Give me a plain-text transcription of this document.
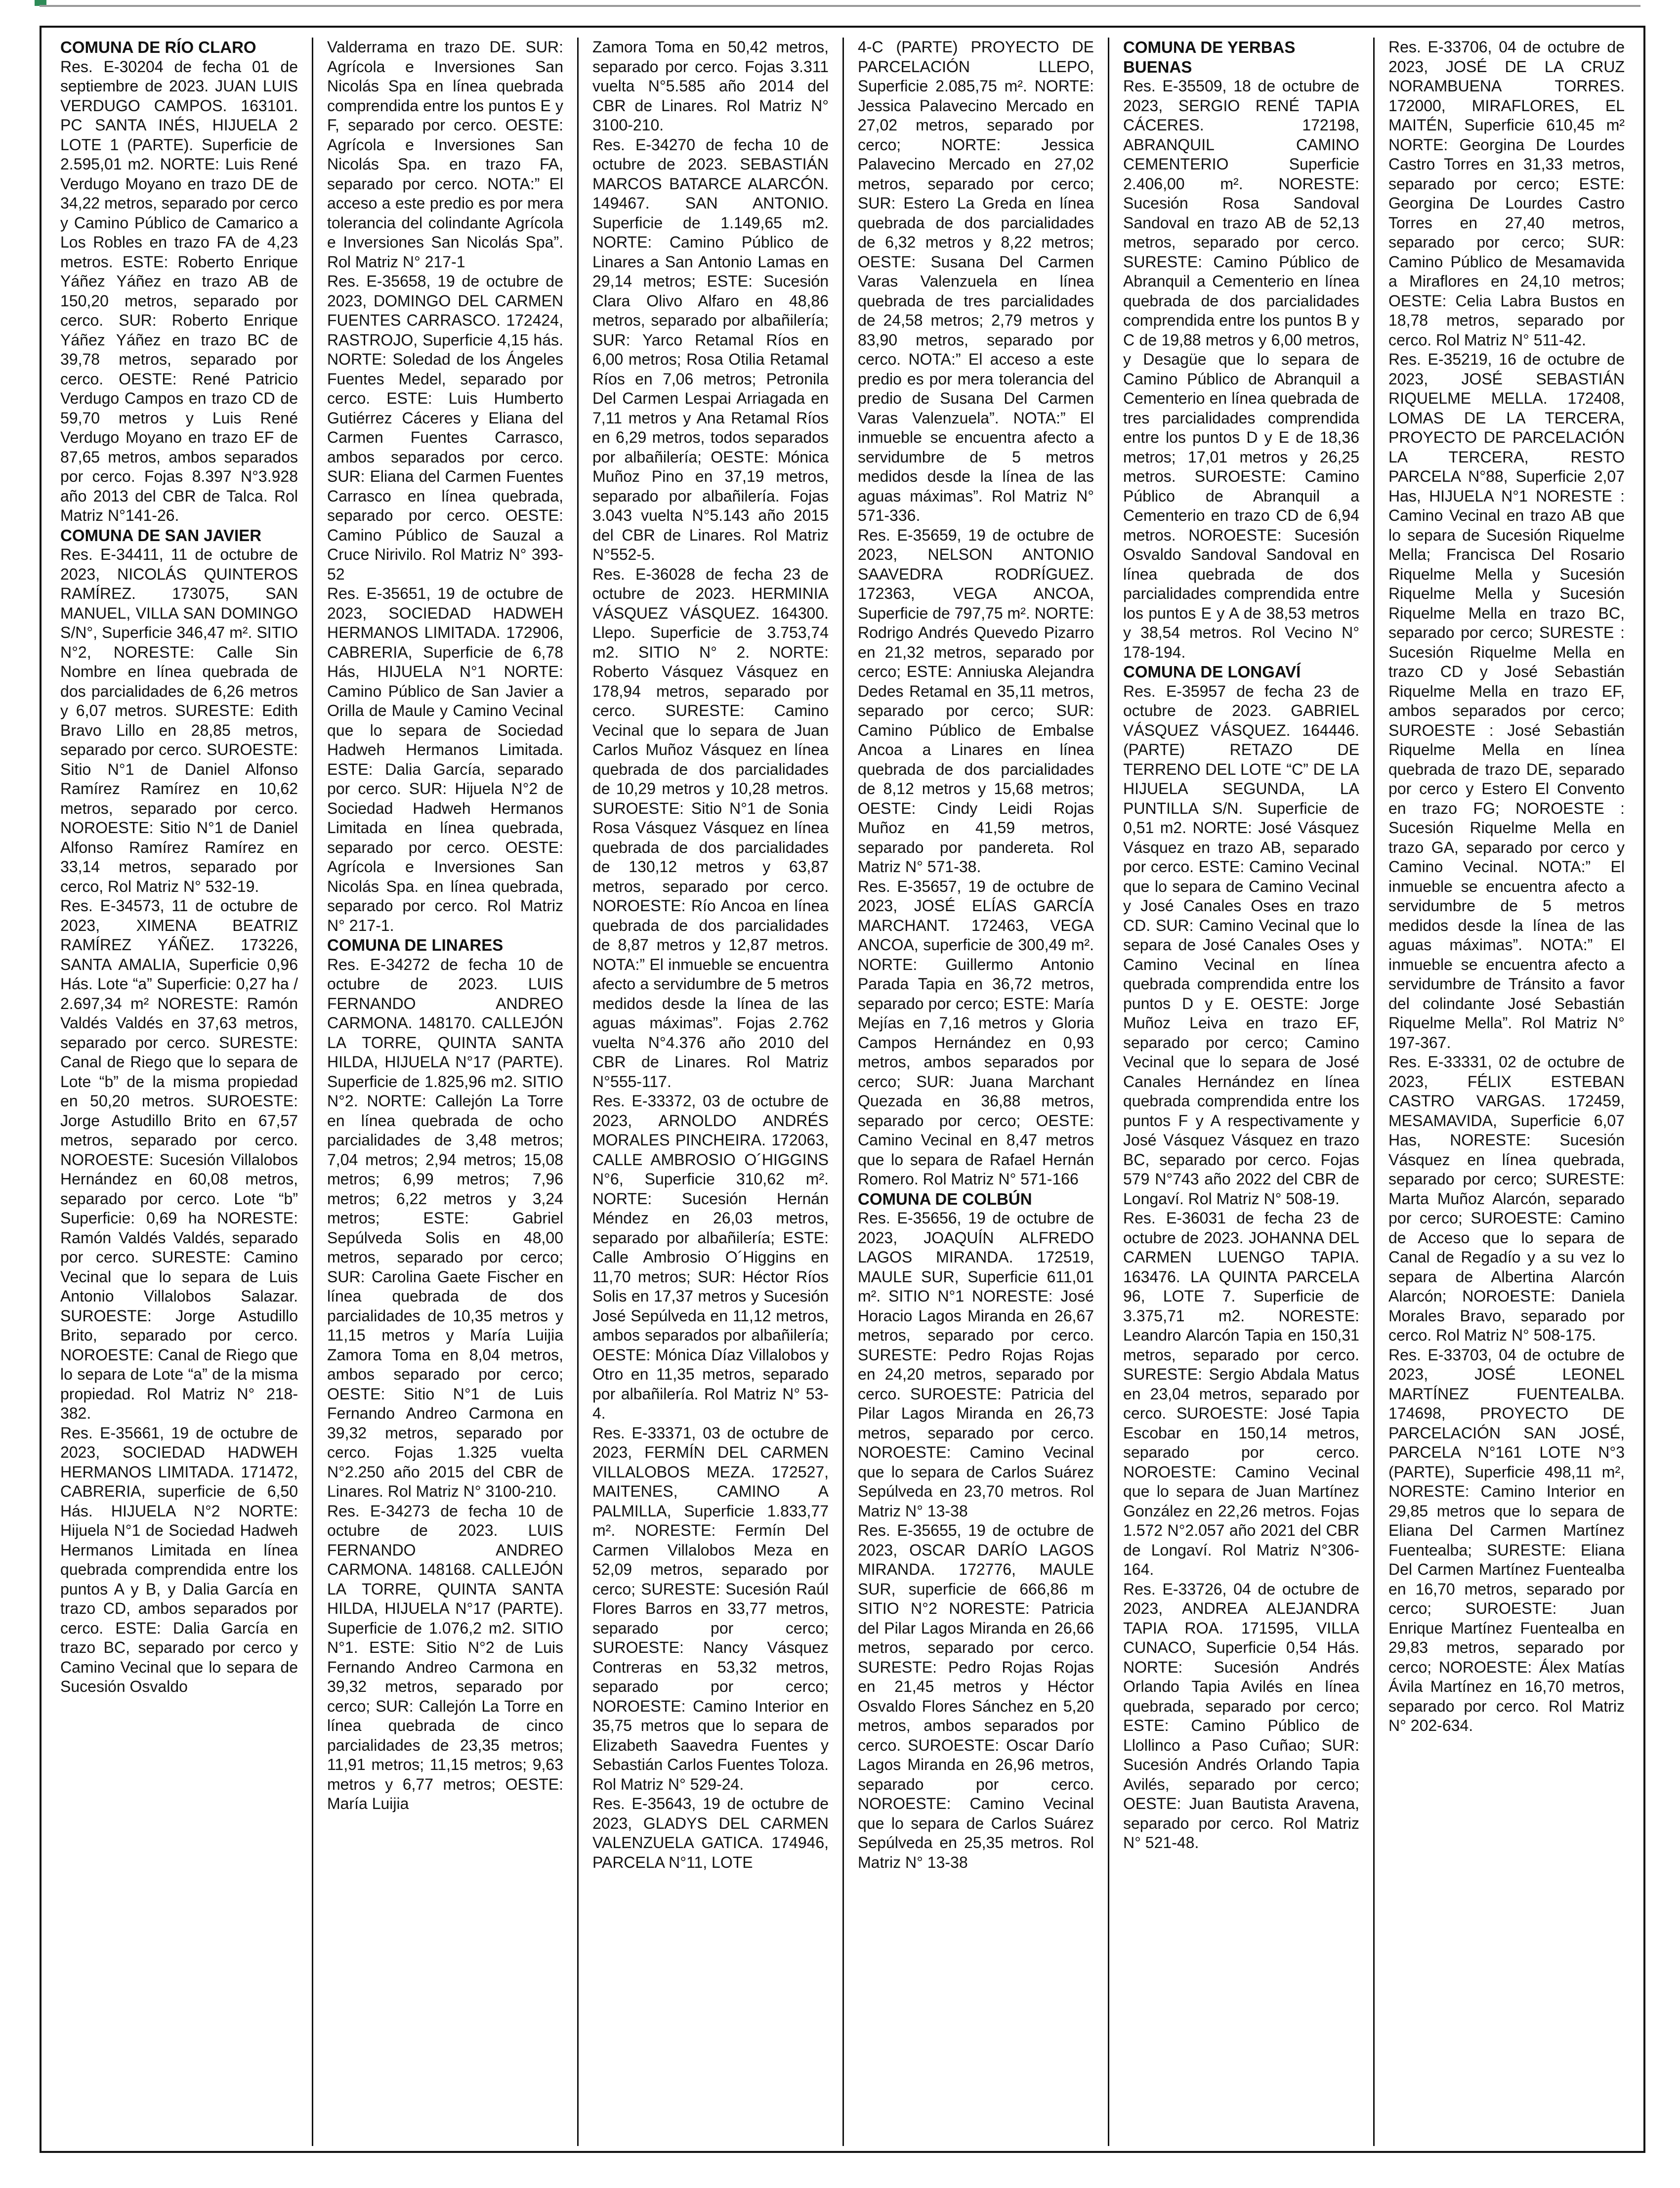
COMUNA DE RÍO CLARO

Res. E-30204 de fecha 01 de septiembre de 2023. JUAN LUIS VERDUGO CAMPOS. 163101. PC SANTA INÉS, HIJUELA 2 LOTE 1 (PARTE). Superficie de 2.595,01 m2. NORTE: Luis René Verdugo Moyano en trazo DE de 34,22 metros, separado por cerco y Camino Público de Camarico a Los Robles en trazo FA de 4,23 metros. ESTE: Roberto Enrique Yáñez Yáñez en trazo AB de 150,20 metros, separado por cerco. SUR: Roberto Enrique Yáñez Yáñez en trazo BC de 39,78 metros, separado por cerco. OESTE: René Patricio Verdugo Campos en trazo CD de 59,70 metros y Luis René Verdugo Moyano en trazo EF de 87,65 metros, ambos separados por cerco. Fojas 8.397 N°3.928 año 2013 del CBR de Talca. Rol Matriz N°141-26.

COMUNA DE SAN JAVIER

Res. E-34411, 11 de octubre de 2023, NICOLÁS QUINTEROS RAMÍREZ. 173075, SAN MANUEL, VILLA SAN DOMINGO S/N°, Superficie 346,47 m². SITIO N°2, NORESTE: Calle Sin Nombre en línea quebrada de dos parcialidades de 6,26 metros y 6,07 metros. SURESTE: Edith Bravo Lillo en 28,85 metros, separado por cerco. SUROESTE: Sitio N°1 de Daniel Alfonso Ramírez Ramírez en 10,62 metros, separado por cerco. NOROESTE: Sitio N°1 de Daniel Alfonso Ramírez Ramírez en 33,14 metros, separado por cerco, Rol Matriz N° 532-19.

Res. E-34573, 11 de octubre de 2023, XIMENA BEATRIZ RAMÍREZ YÁÑEZ. 173226, SANTA AMALIA, Superficie 0,96 Hás. Lote “a” Superficie: 0,27 ha / 2.697,34 m² NORESTE: Ramón Valdés Valdés en 37,63 metros, separado por cerco. SURESTE: Canal de Riego que lo separa de Lote “b” de la misma propiedad en 50,20 metros. SUROESTE: Jorge Astudillo Brito en 67,57 metros, separado por cerco. NOROESTE: Sucesión Villalobos Hernández en 60,08 metros, separado por cerco. Lote “b” Superficie: 0,69 ha NORESTE: Ramón Valdés Valdés, separado por cerco. SURESTE: Camino Vecinal que lo separa de Luis Antonio Villalobos Salazar. SUROESTE: Jorge Astudillo Brito, separado por cerco. NOROESTE: Canal de Riego que lo separa de Lote “a” de la misma propiedad. Rol Matriz N° 218-382.

Res. E-35661, 19 de octubre de 2023, SOCIEDAD HADWEH HERMANOS LIMITADA. 171472, CABRERIA, superficie de 6,50 Hás. HIJUELA N°2 NORTE: Hijuela N°1 de Sociedad Hadweh Hermanos Limitada en línea quebrada comprendida entre los puntos A y B, y Dalia García en trazo CD, ambos separados por cerco. ESTE: Dalia García en trazo BC, separado por cerco y Camino Vecinal que lo separa de Sucesión Osvaldo

Valderrama en trazo DE. SUR: Agrícola e Inversiones San Nicolás Spa en línea quebrada comprendida entre los puntos E y F, separado por cerco. OESTE: Agrícola e Inversiones San Nicolás Spa. en trazo FA, separado por cerco. NOTA:” El acceso a este predio es por mera tolerancia del colindante Agrícola e Inversiones San Nicolás Spa”. Rol Matriz N° 217-1

Res. E-35658, 19 de octubre de 2023, DOMINGO DEL CARMEN FUENTES CARRASCO. 172424, RASTROJO, Superficie 4,15 hás. NORTE: Soledad de los Ángeles Fuentes Medel, separado por cerco. ESTE: Luis Humberto Gutiérrez Cáceres y Eliana del Carmen Fuentes Carrasco, ambos separados por cerco. SUR: Eliana del Carmen Fuentes Carrasco en línea quebrada, separado por cerco. OESTE: Camino Público de Sauzal a Cruce Nirivilo. Rol Matriz N° 393-52

Res. E-35651, 19 de octubre de 2023, SOCIEDAD HADWEH HERMANOS LIMITADA. 172906, CABRERIA, Superficie de 6,78 Hás, HIJUELA N°1 NORTE: Camino Público de San Javier a Orilla de Maule y Camino Vecinal que lo separa de Sociedad Hadweh Hermanos Limitada. ESTE: Dalia García, separado por cerco. SUR: Hijuela N°2 de Sociedad Hadweh Hermanos Limitada en línea quebrada, separado por cerco. OESTE: Agrícola e Inversiones San Nicolás Spa. en línea quebrada, separado por cerco. Rol Matriz N° 217-1.

COMUNA DE LINARES

Res. E-34272 de fecha 10 de octubre de 2023. LUIS FERNANDO ANDREO CARMONA. 148170. CALLEJÓN LA TORRE, QUINTA SANTA HILDA, HIJUELA N°17 (PARTE). Superficie de 1.825,96 m2. SITIO N°2. NORTE: Callejón La Torre en línea quebrada de ocho parcialidades de 3,48 metros; 7,04 metros; 2,94 metros; 15,08 metros; 6,99 metros; 7,96 metros; 6,22 metros y 3,24 metros; ESTE: Gabriel Sepúlveda Solis en 48,00 metros, separado por cerco; SUR: Carolina Gaete Fischer en línea quebrada de dos parcialidades de 10,35 metros y 11,15 metros y María Luijia Zamora Toma en 8,04 metros, ambos separado por cerco; OESTE: Sitio N°1 de Luis Fernando Andreo Carmona en 39,32 metros, separado por cerco. Fojas 1.325 vuelta N°2.250 año 2015 del CBR de Linares. Rol Matriz N° 3100-210.

Res. E-34273 de fecha 10 de octubre de 2023. LUIS FERNANDO ANDREO CARMONA. 148168. CALLEJÓN LA TORRE, QUINTA SANTA HILDA, HIJUELA N°17 (PARTE). Superficie de 1.076,2 m2. SITIO N°1. ESTE: Sitio N°2 de Luis Fernando Andreo Carmona en 39,32 metros, separado por cerco; SUR: Callejón La Torre en línea quebrada de cinco parcialidades de 23,35 metros; 11,91 metros; 11,15 metros; 9,63 metros y 6,77 metros; OESTE: María Luijia

Zamora Toma en 50,42 metros, separado por cerco. Fojas 3.311 vuelta N°5.585 año 2014 del CBR de Linares. Rol Matriz N° 3100-210.

Res. E-34270 de fecha 10 de octubre de 2023. SEBASTIÁN MARCOS BATARCE ALARCÓN. 149467. SAN ANTONIO. Superficie de 1.149,65 m2. NORTE: Camino Público de Linares a San Antonio Lamas en 29,14 metros; ESTE: Sucesión Clara Olivo Alfaro en 48,86 metros, separado por albañilería; SUR: Yarco Retamal Ríos en 6,00 metros; Rosa Otilia Retamal Ríos en 7,06 metros; Petronila Del Carmen Lespai Arriagada en 7,11 metros y Ana Retamal Ríos en 6,29 metros, todos separados por albañilería; OESTE: Mónica Muñoz Pino en 37,19 metros, separado por albañilería. Fojas 3.043 vuelta N°5.143 año 2015 del CBR de Linares. Rol Matriz N°552-5.

Res. E-36028 de fecha 23 de octubre de 2023. HERMINIA VÁSQUEZ VÁSQUEZ. 164300. Llepo. Superficie de 3.753,74 m2. SITIO N° 2. NORTE: Roberto Vásquez Vásquez en 178,94 metros, separado por cerco. SURESTE: Camino Vecinal que lo separa de Juan Carlos Muñoz Vásquez en línea quebrada de dos parcialidades de 10,29 metros y 10,28 metros. SUROESTE: Sitio N°1 de Sonia Rosa Vásquez Vásquez en línea quebrada de dos parcialidades de 130,12 metros y 63,87 metros, separado por cerco. NOROESTE: Río Ancoa en línea quebrada de dos parcialidades de 8,87 metros y 12,87 metros. NOTA:” El inmueble se encuentra afecto a servidumbre de 5 metros medidos desde la línea de las aguas máximas”. Fojas 2.762 vuelta N°4.376 año 2010 del CBR de Linares. Rol Matriz N°555-117.

Res. E-33372, 03 de octubre de 2023, ARNOLDO ANDRÉS MORALES PINCHEIRA. 172063, CALLE AMBROSIO O´HIGGINS N°6, Superficie 310,62 m². NORTE: Sucesión Hernán Méndez en 26,03 metros, separado por albañilería; ESTE: Calle Ambrosio O´Higgins en 11,70 metros; SUR: Héctor Ríos Solis en 17,37 metros y Sucesión José Sepúlveda en 11,12 metros, ambos separados por albañilería; OESTE: Mónica Díaz Villalobos y Otro en 11,35 metros, separado por albañilería. Rol Matriz N° 53-4.

Res. E-33371, 03 de octubre de 2023, FERMÍN DEL CARMEN VILLALOBOS MEZA. 172527, MAITENES, CAMINO A PALMILLA, Superficie 1.833,77 m². NORESTE: Fermín Del Carmen Villalobos Meza en 52,09 metros, separado por cerco; SURESTE: Sucesión Raúl Flores Barros en 33,77 metros, separado por cerco; SUROESTE: Nancy Vásquez Contreras en 53,32 metros, separado por cerco; NOROESTE: Camino Interior en 35,75 metros que lo separa de Elizabeth Saavedra Fuentes y Sebastián Carlos Fuentes Toloza. Rol Matriz N° 529-24.

Res. E-35643, 19 de octubre de 2023, GLADYS DEL CARMEN VALENZUELA GATICA. 174946, PARCELA N°11, LOTE

4-C (PARTE) PROYECTO DE PARCELACIÓN LLEPO, Superficie 2.085,75 m². NORTE: Jessica Palavecino Mercado en 27,02 metros, separado por cerco; NORTE: Jessica Palavecino Mercado en 27,02 metros, separado por cerco; SUR: Estero La Greda en línea quebrada de dos parcialidades de 6,32 metros y 8,22 metros; OESTE: Susana Del Carmen Varas Valenzuela en línea quebrada de tres parcialidades de 24,58 metros; 2,79 metros y 83,90 metros, separado por cerco. NOTA:” El acceso a este predio es por mera tolerancia del predio de Susana Del Carmen Varas Valenzuela”. NOTA:” El inmueble se encuentra afecto a servidumbre de 5 metros medidos desde la línea de las aguas máximas”. Rol Matriz N° 571-336.

Res. E-35659, 19 de octubre de 2023, NELSON ANTONIO SAAVEDRA RODRÍGUEZ. 172363, VEGA ANCOA, Superficie de 797,75 m². NORTE: Rodrigo Andrés Quevedo Pizarro en 21,32 metros, separado por cerco; ESTE: Anniuska Alejandra Dedes Retamal en 35,11 metros, separado por cerco; SUR: Camino Público de Embalse Ancoa a Linares en línea quebrada de dos parcialidades de 8,12 metros y 15,68 metros; OESTE: Cindy Leidi Rojas Muñoz en 41,59 metros, separado por pandereta. Rol Matriz N° 571-38.

Res. E-35657, 19 de octubre de 2023, JOSÉ ELÍAS GARCÍA MARCHANT. 172463, VEGA ANCOA, superficie de 300,49 m². NORTE: Guillermo Antonio Parada Tapia en 36,72 metros, separado por cerco; ESTE: María Mejías en 7,16 metros y Gloria Campos Hernández en 0,93 metros, ambos separados por cerco; SUR: Juana Marchant Quezada en 36,88 metros, separado por cerco; OESTE: Camino Vecinal en 8,47 metros que lo separa de Rafael Hernán Romero. Rol Matriz N° 571-166

COMUNA DE COLBÚN

Res. E-35656, 19 de octubre de 2023, JOAQUÍN ALFREDO LAGOS MIRANDA. 172519, MAULE SUR, Superficie 611,01 m². SITIO N°1 NORESTE: José Horacio Lagos Miranda en 26,67 metros, separado por cerco. SURESTE: Pedro Rojas Rojas en 24,20 metros, separado por cerco. SUROESTE: Patricia del Pilar Lagos Miranda en 26,73 metros, separado por cerco. NOROESTE: Camino Vecinal que lo separa de Carlos Suárez Sepúlveda en 23,70 metros. Rol Matriz N° 13-38

Res. E-35655, 19 de octubre de 2023, OSCAR DARÍO LAGOS MIRANDA. 172776, MAULE SUR, superficie de 666,86 m SITIO N°2 NORESTE: Patricia del Pilar Lagos Miranda en 26,66 metros, separado por cerco. SURESTE: Pedro Rojas Rojas en 21,45 metros y Héctor Osvaldo Flores Sánchez en 5,20 metros, ambos separados por cerco. SUROESTE: Oscar Darío Lagos Miranda en 26,96 metros, separado por cerco. NOROESTE: Camino Vecinal que lo separa de Carlos Suárez Sepúlveda en 25,35 metros. Rol Matriz N° 13-38

COMUNA DE YERBAS BUENAS

Res. E-35509, 18 de octubre de 2023, SERGIO RENÉ TAPIA CÁCERES. 172198, ABRANQUIL CAMINO CEMENTERIO Superficie 2.406,00 m². NORESTE: Sucesión Rosa Sandoval Sandoval en trazo AB de 52,13 metros, separado por cerco. SURESTE: Camino Público de Abranquil a Cementerio en línea quebrada de dos parcialidades comprendida entre los puntos B y C de 19,88 metros y 6,00 metros, y Desagüe que lo separa de Camino Público de Abranquil a Cementerio en línea quebrada de tres parcialidades comprendida entre los puntos D y E de 18,36 metros; 17,01 metros y 26,25 metros. SUROESTE: Camino Público de Abranquil a Cementerio en trazo CD de 6,94 metros. NOROESTE: Sucesión Osvaldo Sandoval Sandoval en línea quebrada de dos parcialidades comprendida entre los puntos E y A de 38,53 metros y 38,54 metros. Rol Vecino N° 178-194.

COMUNA DE LONGAVÍ

Res. E-35957 de fecha 23 de octubre de 2023. GABRIEL VÁSQUEZ VÁSQUEZ. 164446. (PARTE) RETAZO DE TERRENO DEL LOTE “C” DE LA HIJUELA SEGUNDA, LA PUNTILLA S/N. Superficie de 0,51 m2. NORTE: José Vásquez Vásquez en trazo AB, separado por cerco. ESTE: Camino Vecinal que lo separa de Camino Vecinal y José Canales Oses en trazo CD. SUR: Camino Vecinal que lo separa de José Canales Oses y Camino Vecinal en línea quebrada comprendida entre los puntos D y E. OESTE: Jorge Muñoz Leiva en trazo EF, separado por cerco; Camino Vecinal que lo separa de José Canales Hernández en línea quebrada comprendida entre los puntos F y A respectivamente y José Vásquez Vásquez en trazo BC, separado por cerco. Fojas 579 N°743 año 2022 del CBR de Longaví. Rol Matriz N° 508-19.

Res. E-36031 de fecha 23 de octubre de 2023. JOHANNA DEL CARMEN LUENGO TAPIA. 163476. LA QUINTA PARCELA 96, LOTE 7. Superficie de 3.375,71 m2. NORESTE: Leandro Alarcón Tapia en 150,31 metros, separado por cerco. SURESTE: Sergio Abdala Matus en 23,04 metros, separado por cerco. SUROESTE: José Tapia Escobar en 150,14 metros, separado por cerco. NOROESTE: Camino Vecinal que lo separa de Juan Martínez González en 22,26 metros. Fojas 1.572 N°2.057 año 2021 del CBR de Longaví. Rol Matriz N°306-164.

Res. E-33726, 04 de octubre de 2023, ANDREA ALEJANDRA TAPIA ROA. 171595, VILLA CUNACO, Superficie 0,54 Hás. NORTE: Sucesión Andrés Orlando Tapia Avilés en línea quebrada, separado por cerco; ESTE: Camino Público de Llollinco a Paso Cuñao; SUR: Sucesión Andrés Orlando Tapia Avilés, separado por cerco; OESTE: Juan Bautista Aravena, separado por cerco. Rol Matriz N° 521-48.

Res. E-33706, 04 de octubre de 2023, JOSÉ DE LA CRUZ NORAMBUENA TORRES. 172000, MIRAFLORES, EL MAITÉN, Superficie 610,45 m² NORTE: Georgina De Lourdes Castro Torres en 31,33 metros, separado por cerco; ESTE: Georgina De Lourdes Castro Torres en 27,40 metros, separado por cerco; SUR: Camino Público de Mesamavida a Miraflores en 24,10 metros; OESTE: Celia Labra Bustos en 18,78 metros, separado por cerco. Rol Matriz N° 511-42.

Res. E-35219, 16 de octubre de 2023, JOSÉ SEBASTIÁN RIQUELME MELLA. 172408, LOMAS DE LA TERCERA, PROYECTO DE PARCELACIÓN LA TERCERA, RESTO PARCELA N°88, Superficie 2,07 Has, HIJUELA N°1 NORESTE : Camino Vecinal en trazo AB que lo separa de Sucesión Riquelme Mella; Francisca Del Rosario Riquelme Mella y Sucesión Riquelme Mella y Sucesión Riquelme Mella en trazo BC, separado por cerco; SURESTE : Sucesión Riquelme Mella en trazo CD y José Sebastián Riquelme Mella en trazo EF, ambos separados por cerco; SUROESTE : José Sebastián Riquelme Mella en línea quebrada de trazo DE, separado por cerco y Estero El Convento en trazo FG; NOROESTE : Sucesión Riquelme Mella en trazo GA, separado por cerco y Camino Vecinal. NOTA:” El inmueble se encuentra afecto a servidumbre de 5 metros medidos desde la línea de las aguas máximas”. NOTA:” El inmueble se encuentra afecto a servidumbre de Tránsito a favor del colindante José Sebastián Riquelme Mella”. Rol Matriz N° 197-367.

Res. E-33331, 02 de octubre de 2023, FÉLIX ESTEBAN CASTRO VARGAS. 172459, MESAMAVIDA, Superficie 6,07 Has, NORESTE: Sucesión Vásquez en línea quebrada, separado por cerco; SURESTE: Marta Muñoz Alarcón, separado por cerco; SUROESTE: Camino de Acceso que lo separa de Canal de Regadío y a su vez lo separa de Albertina Alarcón Alarcón; NOROESTE: Daniela Morales Bravo, separado por cerco. Rol Matriz N° 508-175.

Res. E-33703, 04 de octubre de 2023, JOSÉ LEONEL MARTÍNEZ FUENTEALBA. 174698, PROYECTO DE PARCELACIÓN SAN JOSÉ, PARCELA N°161 LOTE N°3 (PARTE), Superficie 498,11 m², NORESTE: Camino Interior en 29,85 metros que lo separa de Eliana Del Carmen Martínez Fuentealba; SURESTE: Eliana Del Carmen Martínez Fuentealba en 16,70 metros, separado por cerco; SUROESTE: Juan Enrique Martínez Fuentealba en 29,83 metros, separado por cerco; NOROESTE: Álex Matías Ávila Martínez en 16,70 metros, separado por cerco. Rol Matriz N° 202-634.
